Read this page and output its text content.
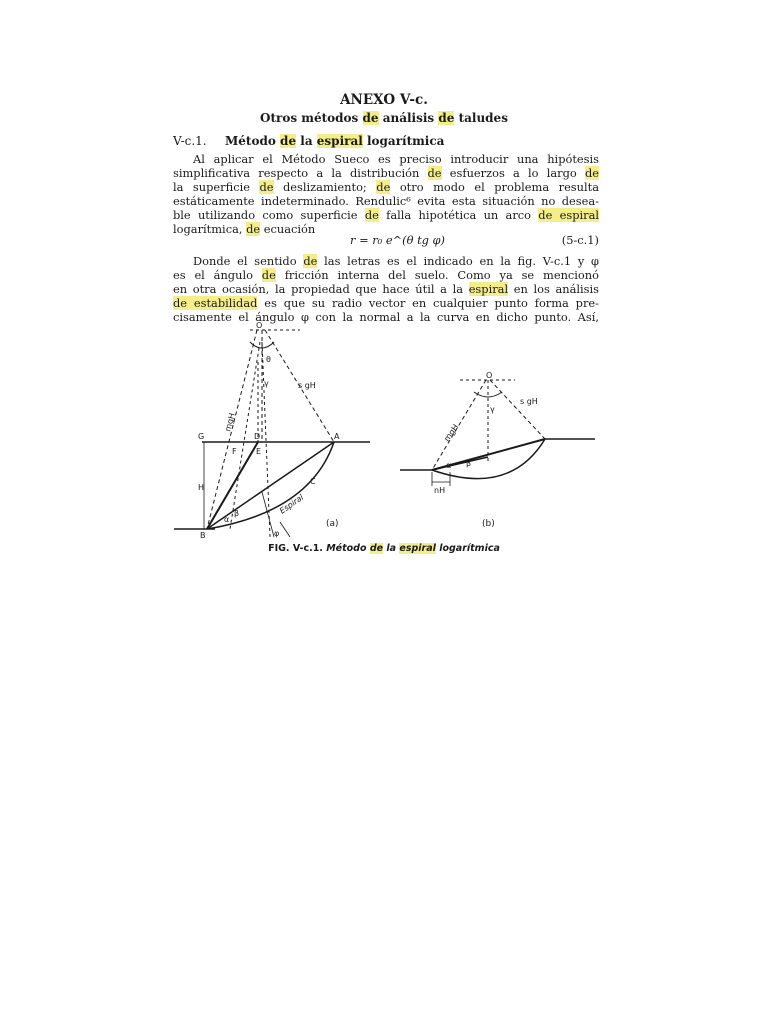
ANEXO V-c.
Otros métodos de análisis de taludes
V-c.1. Método de la espiral logarítmica
Al aplicar el Método Sueco es preciso introducir una hipótesis
simplificativa respecto a la distribución de esfuerzos a lo largo de
la superficie de deslizamiento; de otro modo el problema resulta
estáticamente indeterminado. Rendulic⁶ evita esta situación no desea-
ble utilizando como superficie de falla hipotética un arco de espiral
logarítmica, de ecuación
r = r₀ e^(θ tg φ)	(5-c.1)
Donde el sentido de las letras es el indicado en la fig. V-c.1 y φ
es el ángulo de fricción interna del suelo. Como ya se mencionó
en otra ocasión, la propiedad que hace útil a la espiral en los análisis
de estabilidad es que su radio vector en cualquier punto forma pre-
cisamente el ángulo φ con la normal a la curva en dicho punto. Así,
O
G	D	A
B
C
E
F
H
mgH
s gH
Espiral
θ
φ
γ
α
β
(a)
O
γ
mgH
s gH
α β
nH
(b)
FIG. V-c.1. Método de la espiral logarítmica
